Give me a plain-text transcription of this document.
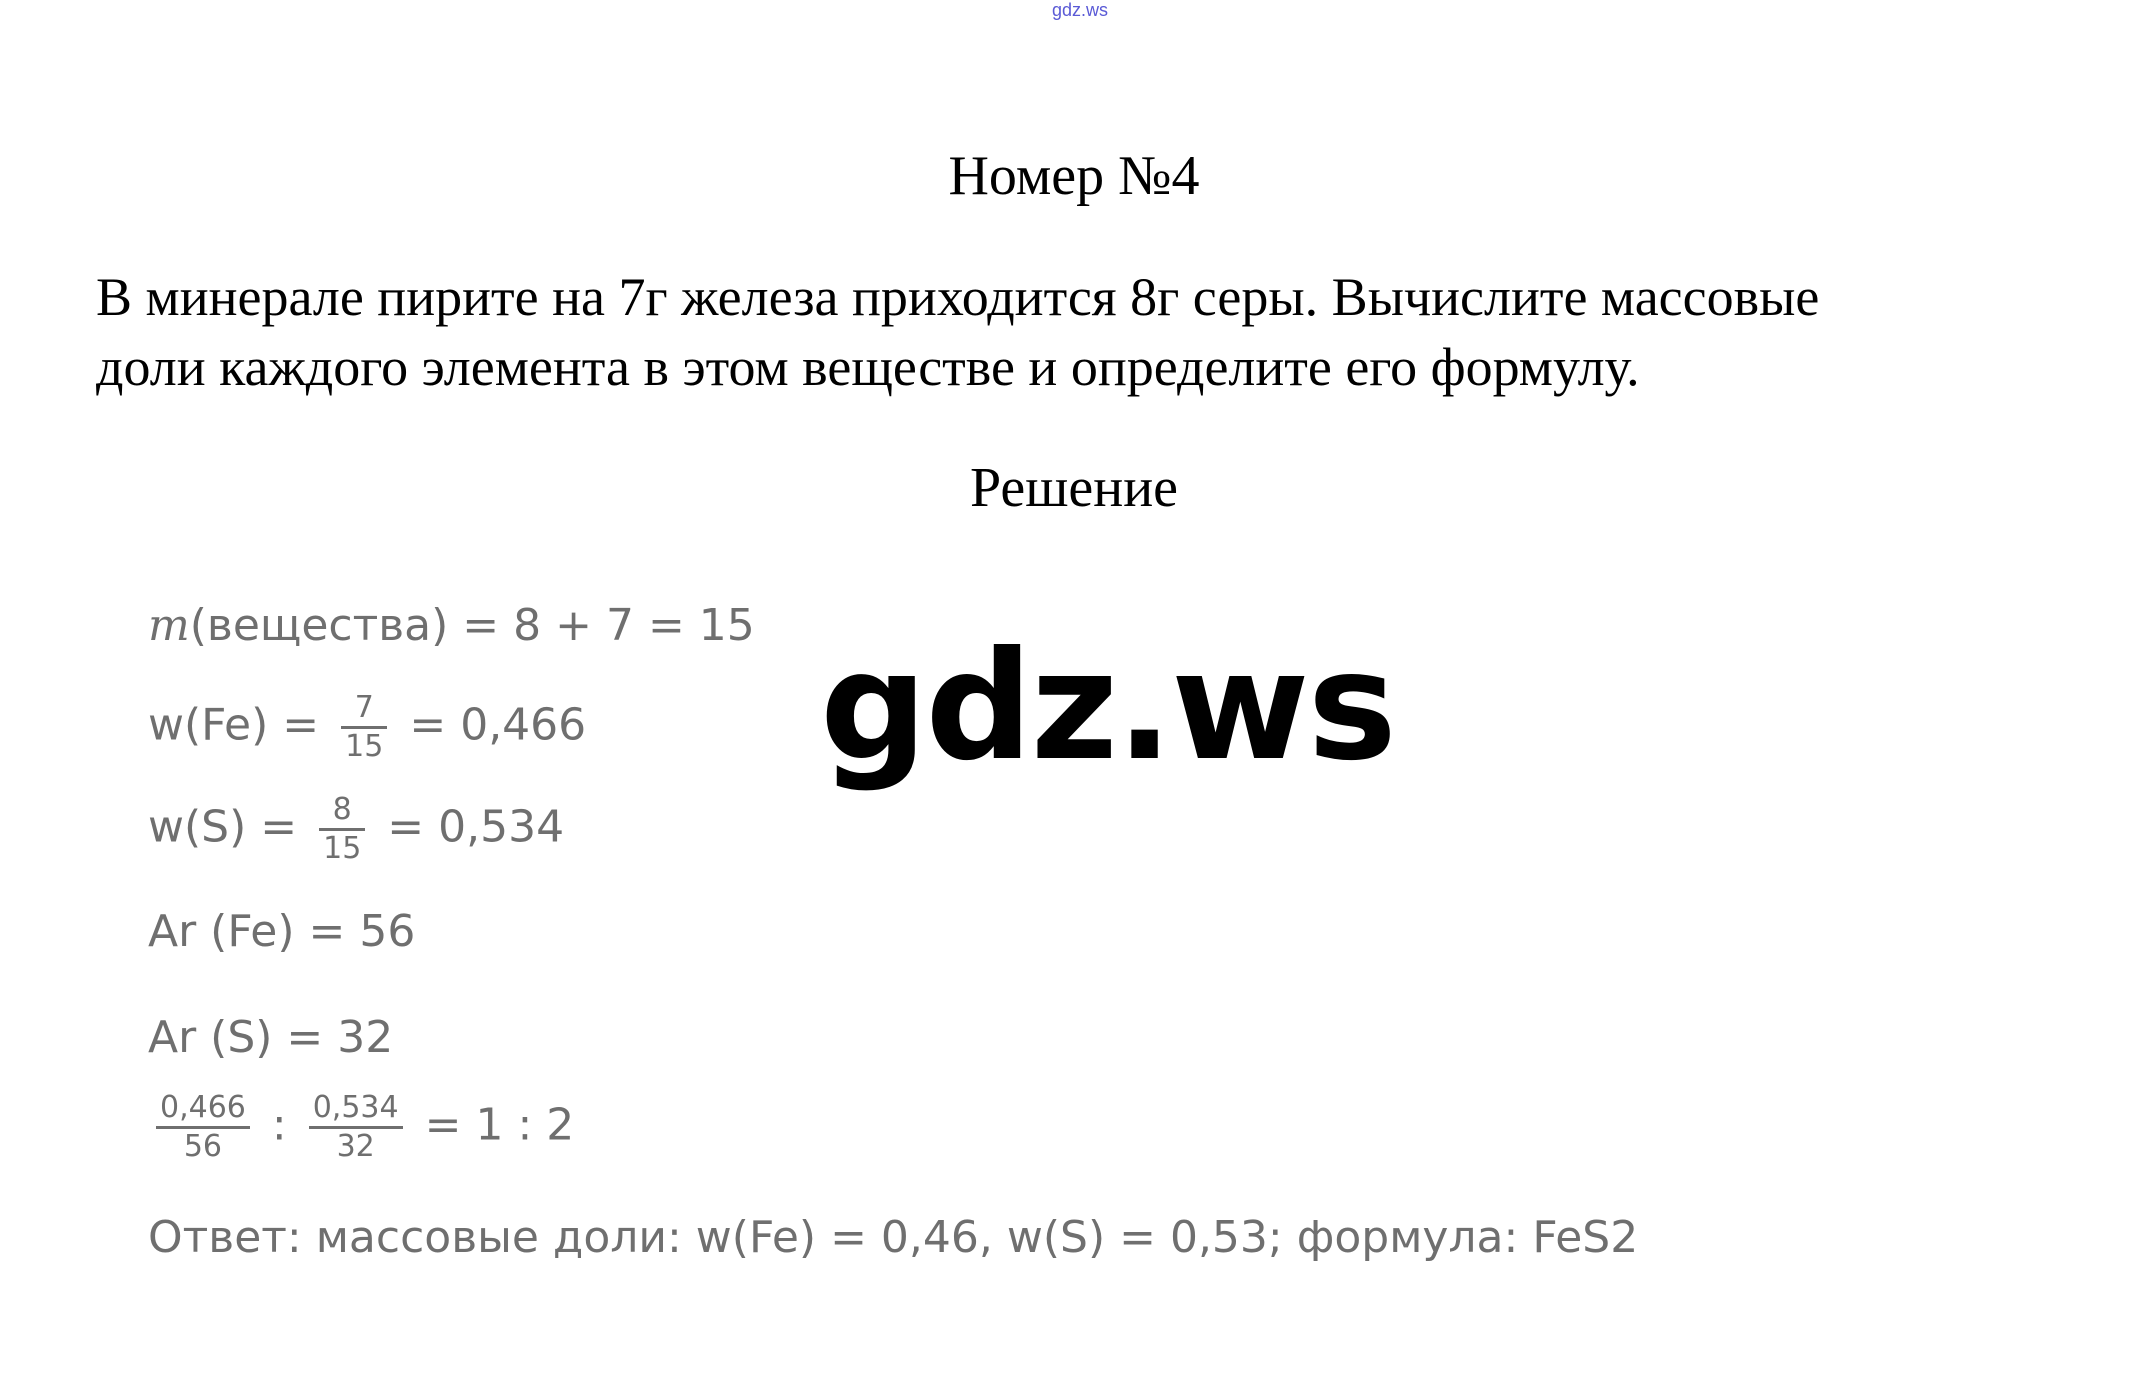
gdz.ws
Номер №4
В минерале пирите на 7г железа приходится 8г серы. Вычислите массовые
доли каждого элемента в этом веществе и определите его формулу.
Решение
m(вещества) = 8 + 7 = 15
$w(Fe) = \frac{7}{15} = 0,466$
$w(S) = \frac{8}{15} = 0,534$
Ar (Fe) = 56
Ar (S) = 32
$\frac{0,466}{56}$ : $\frac{0,534}{32} = 1$ : 2
Ответ: массовые доли: w(Fe) = 0,46, w(S) = 0,53; формула: FeS2
gdz.ws
